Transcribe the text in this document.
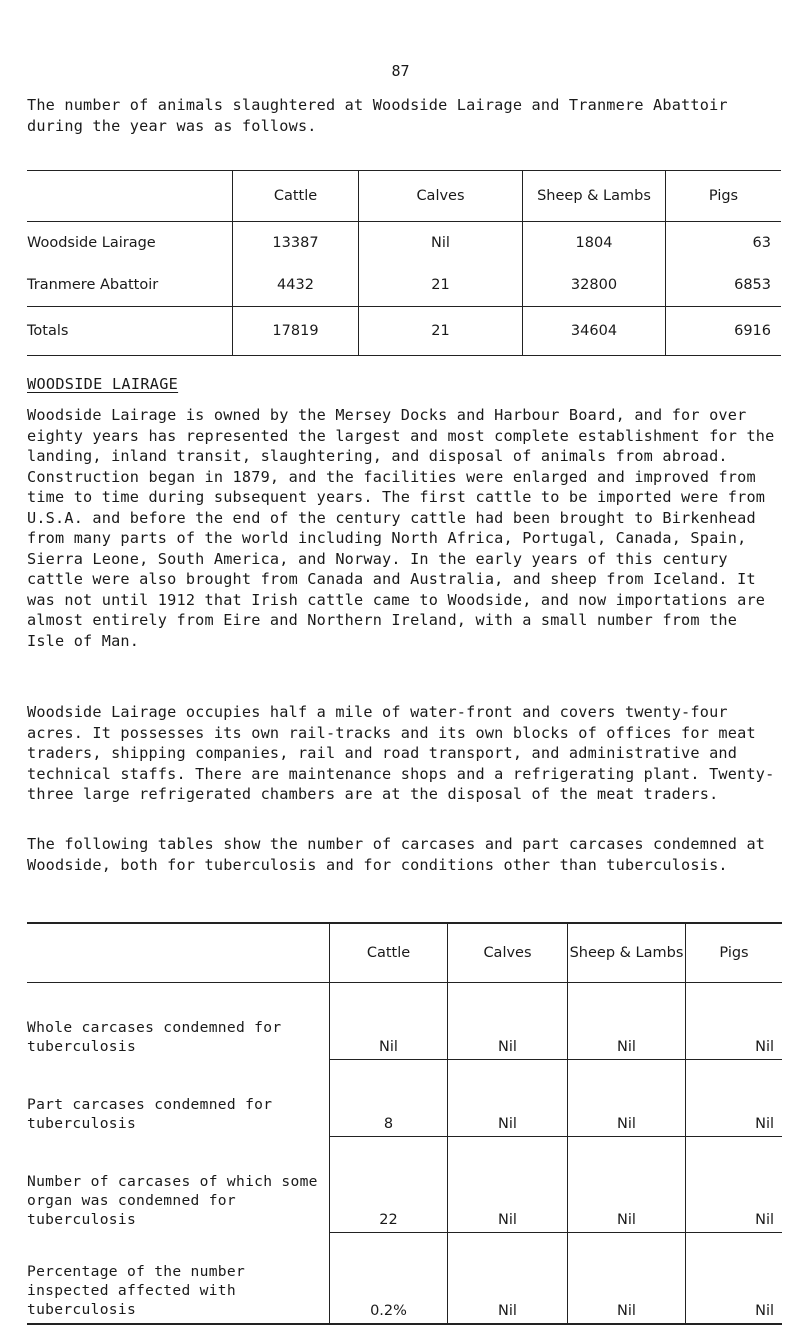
87

The number of animals slaughtered at Woodside Lairage and Tranmere Abattoir during the year was as follows.

	Cattle	Calves	Sheep & Lambs	Pigs
Woodside Lairage	13387	Nil	1804	63
Tranmere Abattoir	4432	21	32800	6853
Totals	17819	21	34604	6916
WOODSIDE LAIRAGE

Woodside Lairage is owned by the Mersey Docks and Harbour Board, and for over eighty years has represented the largest and most complete establishment for the landing, inland transit, slaughtering, and disposal of animals from abroad. Construction began in 1879, and the facilities were enlarged and improved from time to time during subsequent years. The first cattle to be imported were from U.S.A. and before the end of the century cattle had been brought to Birkenhead from many parts of the world including North Africa, Portugal, Canada, Spain, Sierra Leone, South America, and Norway. In the early years of this century cattle were also brought from Canada and Australia, and sheep from Iceland. It was not until 1912 that Irish cattle came to Woodside, and now importations are almost entirely from Eire and Northern Ireland, with a small number from the Isle of Man.

Woodside Lairage occupies half a mile of water-front and covers twenty-four acres. It possesses its own rail-tracks and its own blocks of offices for meat traders, shipping companies, rail and road transport, and administrative and technical staffs. There are maintenance shops and a refrigerating plant. Twenty-three large refrigerated chambers are at the disposal of the meat traders.

The following tables show the number of carcases and part carcases condemned at Woodside, both for tuberculosis and for conditions other than tuberculosis.

	Cattle	Calves	Sheep & Lambs	Pigs
Whole carcases condemned for tuberculosis	Nil	Nil	Nil	Nil
Part carcases condemned for tuberculosis	8	Nil	Nil	Nil
Number of carcases of which some organ was condemned for tuberculosis	22	Nil	Nil	Nil
Percentage of the number inspected affected with tuberculosis	0.2%	Nil	Nil	Nil
